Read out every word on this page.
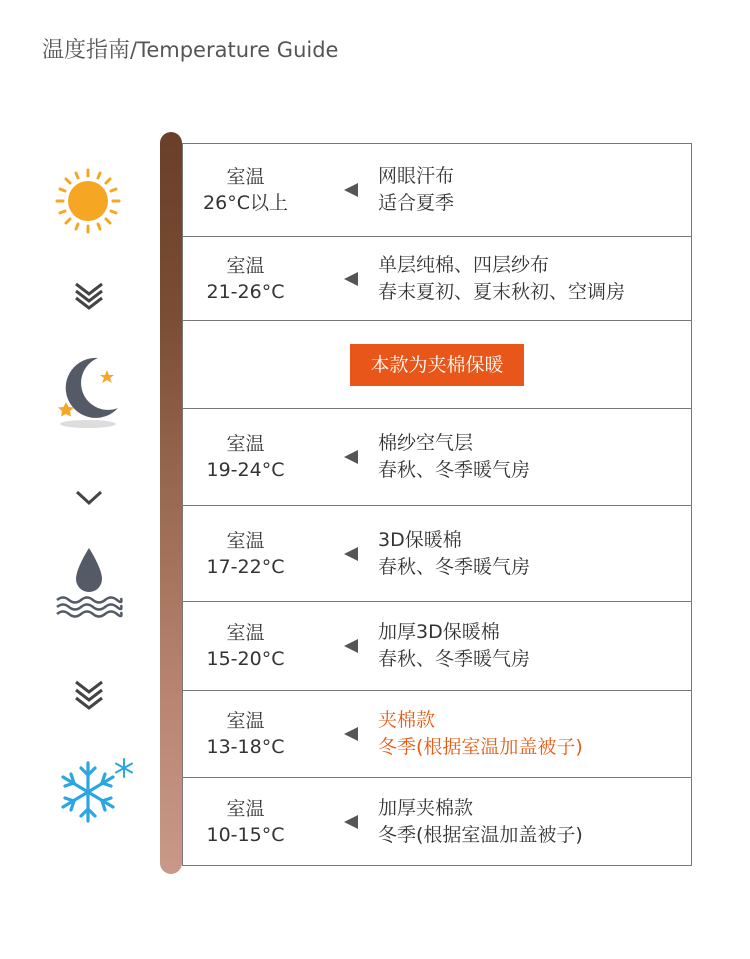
温度指南/Temperature Guide
室温
26°C以上
网眼汗布
适合夏季
室温
21-26°C
单层纯棉、四层纱布
春末夏初、夏末秋初、空调房
本款为夹棉保暖
室温
19-24°C
棉纱空气层
春秋、冬季暖气房
室温
17-22°C
3D保暖棉
春秋、冬季暖气房
室温
15-20°C
加厚3D保暖棉
春秋、冬季暖气房
室温
13-18°C
夹棉款
冬季(根据室温加盖被子)
室温
10-15°C
加厚夹棉款
冬季(根据室温加盖被子)
